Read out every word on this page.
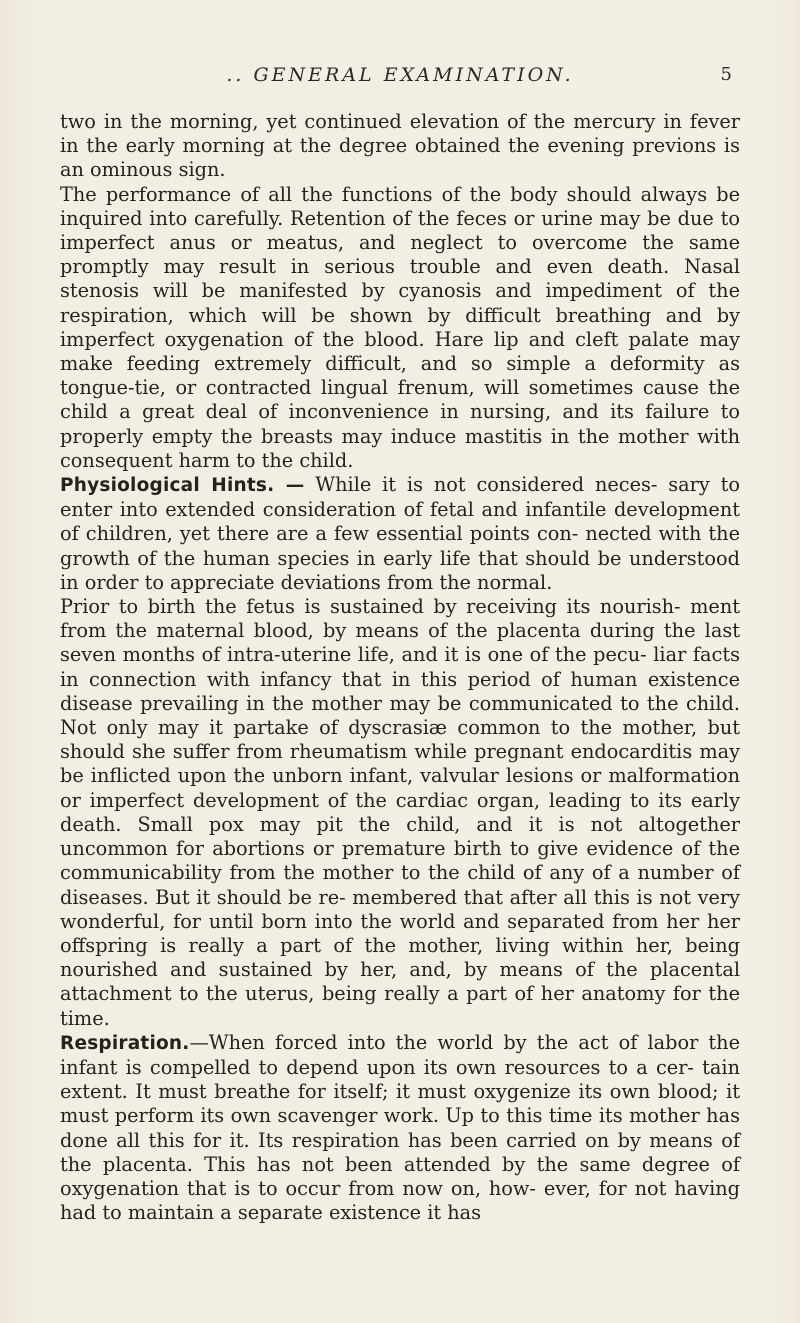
.. GENERAL EXAMINATION.	5

two in the morning, yet continued elevation of the mercury in fever in the early morning at the degree obtained the evening previons is an ominous sign.

The performance of all the functions of the body should always be inquired into carefully. Retention of the feces or urine may be due to imperfect anus or meatus, and neglect to overcome the same promptly may result in serious trouble and even death. Nasal stenosis will be manifested by cyanosis and impediment of the respiration, which will be shown by difficult breathing and by imperfect oxygenation of the blood. Hare lip and cleft palate may make feeding extremely difficult, and so simple a deformity as tongue-tie, or contracted lingual frenum, will sometimes cause the child a great deal of inconvenience in nursing, and its failure to properly empty the breasts may induce mastitis in the mother with consequent harm to the child.

Physiological Hints. — While it is not considered neces- sary to enter into extended consideration of fetal and infantile development of children, yet there are a few essential points con- nected with the growth of the human species in early life that should be understood in order to appreciate deviations from the normal.

Prior to birth the fetus is sustained by receiving its nourish- ment from the maternal blood, by means of the placenta during the last seven months of intra-uterine life, and it is one of the pecu- liar facts in connection with infancy that in this period of human existence disease prevailing in the mother may be communicated to the child. Not only may it partake of dyscrasiæ common to the mother, but should she suffer from rheumatism while pregnant endocarditis may be inflicted upon the unborn infant, valvular lesions or malformation or imperfect development of the cardiac organ, leading to its early death. Small pox may pit the child, and it is not altogether uncommon for abortions or premature birth to give evidence of the communicability from the mother to the child of any of a number of diseases. But it should be re- membered that after all this is not very wonderful, for until born into the world and separated from her her offspring is really a part of the mother, living within her, being nourished and sustained by her, and, by means of the placental attachment to the uterus, being really a part of her anatomy for the time.

Respiration.—When forced into the world by the act of labor the infant is compelled to depend upon its own resources to a cer- tain extent. It must breathe for itself; it must oxygenize its own blood; it must perform its own scavenger work. Up to this time its mother has done all this for it. Its respiration has been carried on by means of the placenta. This has not been attended by the same degree of oxygenation that is to occur from now on, how- ever, for not having had to maintain a separate existence it has
